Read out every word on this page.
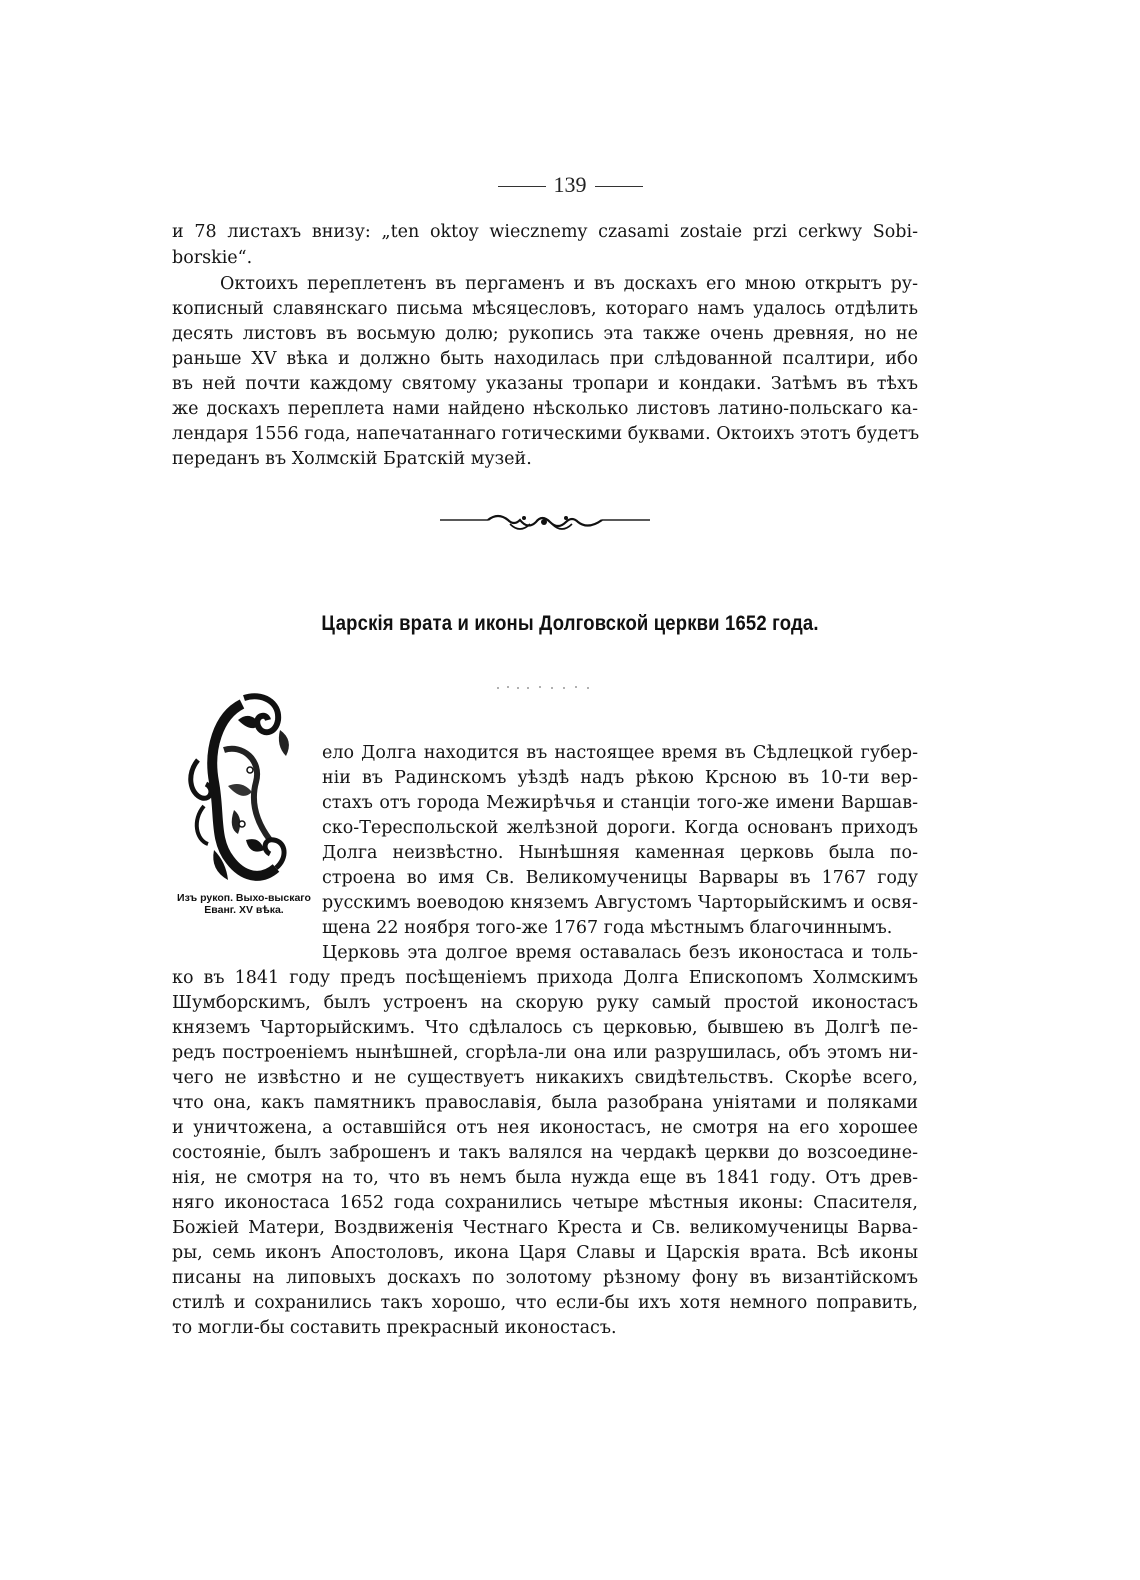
139
и 78 листахъ внизу: „ten oktoy wiecznemy czasami zostaie przi cerkwy Sobi-
borskie“.
Октоихъ переплетенъ въ пергаменъ и въ доскахъ его мною открытъ ру-
кописный славянскаго письма мѣсяцесловъ, котораго намъ удалось отдѣлить
десять листовъ въ восьмую долю; рукопись эта также очень древняя, но не
раньше XV вѣка и должно быть находилась при слѣдованной псалтири, ибо
въ ней почти каждому святому указаны тропари и кондаки. Затѣмъ въ тѣхъ
же доскахъ переплета нами найдено нѣсколько листовъ латино-польскаго ка-
лендаря 1556 года, напечатаннаго готическими буквами. Октоихъ этотъ будетъ
переданъ въ Холмскій Братскій музей.
Царскія врата и иконы Долговской церкви 1652 года.
Изъ рукоп. Выхо-выскаго Еванг. XV вѣка.
ело Долга находится въ настоящее время въ Сѣдлецкой губер-
ніи въ Радинскомъ уѣздѣ надъ рѣкою Крсною въ 10-ти вер-
стахъ отъ города Межирѣчья и станціи того-же имени Варшав-
ско-Тереспольской желѣзной дороги. Когда основанъ приходъ
Долга неизвѣстно. Нынѣшняя каменная церковь была по-
строена во имя Св. Великомученицы Варвары въ 1767 году
русскимъ воеводою княземъ Августомъ Чарторыйскимъ и освя-
щена 22 ноября того-же 1767 года мѣстнымъ благочиннымъ.
Церковь эта долгое время оставалась безъ иконостаса и толь-
ко въ 1841 году предъ посѣщеніемъ прихода Долга Епископомъ Холмскимъ
Шумборскимъ, былъ устроенъ на скорую руку самый простой иконостасъ
княземъ Чарторыйскимъ. Что сдѣлалось съ церковью, бывшею въ Долгѣ пе-
редъ построеніемъ нынѣшней, сгорѣла-ли она или разрушилась, объ этомъ ни-
чего не извѣстно и не существуетъ никакихъ свидѣтельствъ. Скорѣе всего,
что она, какъ памятникъ православія, была разобрана уніятами и поляками
и уничтожена, а оставшійся отъ нея иконостасъ, не смотря на его хорошее
состояніе, былъ заброшенъ и такъ валялся на чердакѣ церкви до возсоедине-
нія, не смотря на то, что въ немъ была нужда еще въ 1841 году. Отъ древ-
няго иконостаса 1652 года сохранились четыре мѣстныя иконы: Спасителя,
Божіей Матери, Воздвиженія Честнаго Креста и Св. великомученицы Варва-
ры, семь иконъ Апостоловъ, икона Царя Славы и Царскія врата. Всѣ иконы
писаны на липовыхъ доскахъ по золотому рѣзному фону въ византійскомъ
стилѣ и сохранились такъ хорошо, что если-бы ихъ хотя немного поправить,
то могли-бы составить прекрасный иконостасъ.
